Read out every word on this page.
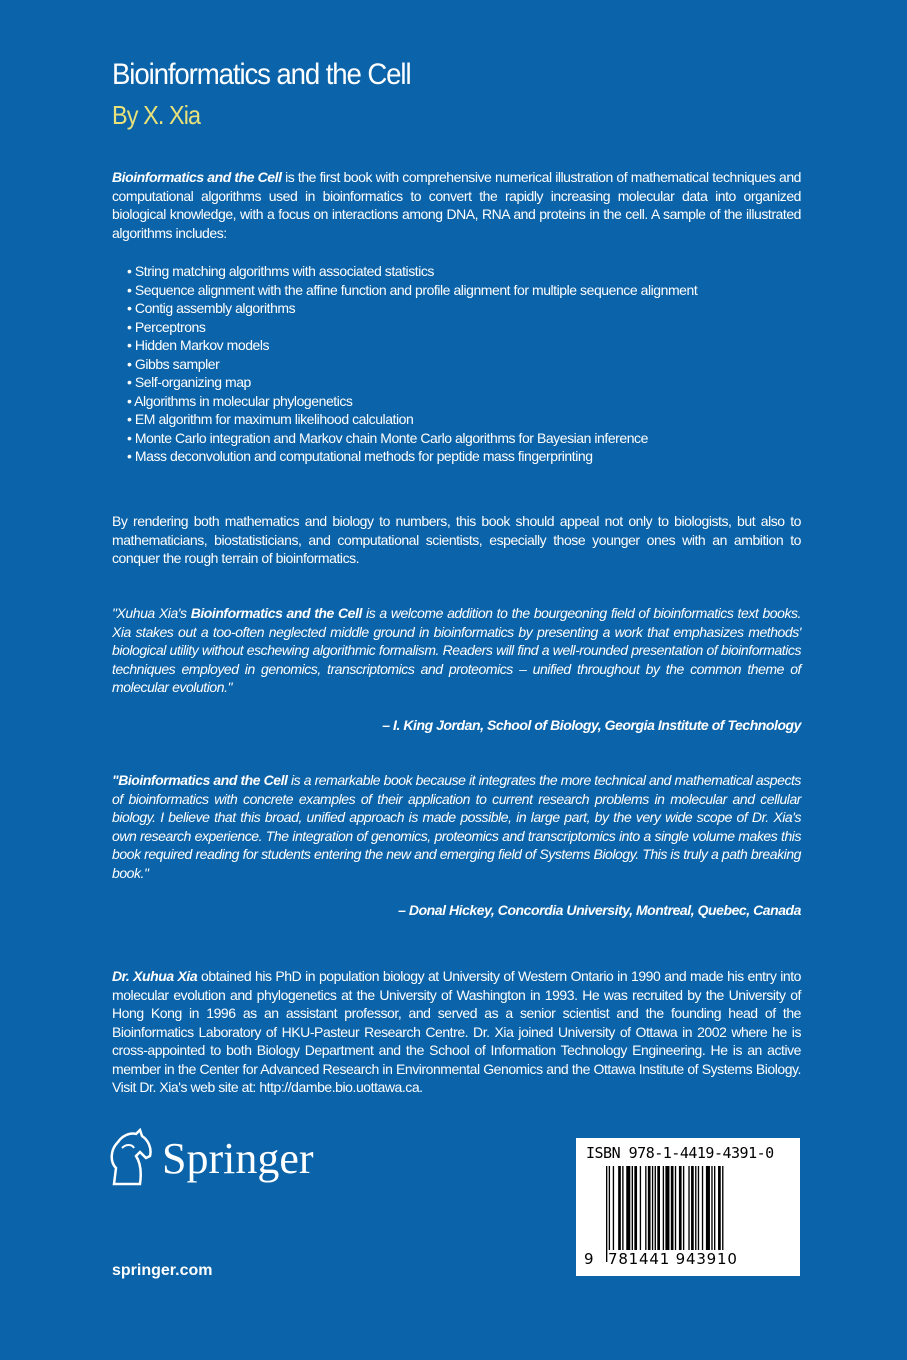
Bioinformatics and the Cell
By X. Xia

Bioinformatics and the Cell is the first book with comprehensive numerical illustration of mathematical techniques and computational algorithms used in bioinformatics to convert the rapidly increasing molecular data into organized biological knowledge, with a focus on interactions among DNA, RNA and proteins in the cell. A sample of the illustrated algorithms includes:

• String matching algorithms with associated statistics
• Sequence alignment with the affine function and profile alignment for multiple sequence alignment
• Contig assembly algorithms
• Perceptrons
• Hidden Markov models
• Gibbs sampler
• Self-organizing map
• Algorithms in molecular phylogenetics
• EM algorithm for maximum likelihood calculation
• Monte Carlo integration and Markov chain Monte Carlo algorithms for Bayesian inference
• Mass deconvolution and computational methods for peptide mass fingerprinting

By rendering both mathematics and biology to numbers, this book should appeal not only to biologists, but also to mathematicians, biostatisticians, and computational scientists, especially those younger ones with an ambition to conquer the rough terrain of bioinformatics.

"Xuhua Xia's Bioinformatics and the Cell is a welcome addition to the bourgeoning field of bioinformatics text books. Xia stakes out a too-often neglected middle ground in bioinformatics by presenting a work that emphasizes methods' biological utility without eschewing algorithmic formalism. Readers will find a well-rounded presentation of bioinformatics techniques employed in genomics, transcriptomics and proteomics – unified throughout by the common theme of molecular evolution."

– I. King Jordan, School of Biology, Georgia Institute of Technology

"Bioinformatics and the Cell is a remarkable book because it integrates the more technical and mathematical aspects of bioinformatics with concrete examples of their application to current research problems in molecular and cellular biology. I believe that this broad, unified approach is made possible, in large part, by the very wide scope of Dr. Xia's own research experience. The integration of genomics, proteomics and transcriptomics into a single volume makes this book required reading for students entering the new and emerging field of Systems Biology. This is truly a path breaking book."

– Donal Hickey, Concordia University, Montreal, Quebec, Canada

Dr. Xuhua Xia obtained his PhD in population biology at University of Western Ontario in 1990 and made his entry into molecular evolution and phylogenetics at the University of Washington in 1993. He was recruited by the University of Hong Kong in 1996 as an assistant professor, and served as a senior scientist and the founding head of the Bioinformatics Laboratory of HKU-Pasteur Research Centre. Dr. Xia joined University of Ottawa in 2002 where he is cross-appointed to both Biology Department and the School of Information Technology Engineering. He is an active member in the Center for Advanced Research in Environmental Genomics and the Ottawa Institute of Systems Biology. Visit Dr. Xia's web site at: http://dambe.bio.uottawa.ca.

Springer
springer.com
ISBN 978-1-4419-4391-0
9 781441 943910
